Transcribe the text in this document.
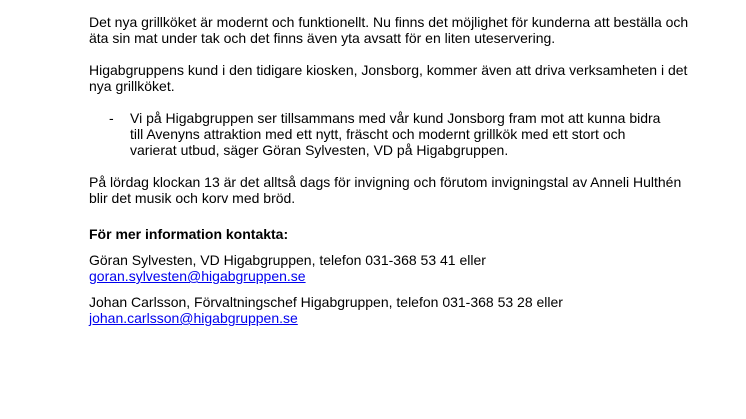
Det nya grillköket är modernt och funktionellt. Nu finns det möjlighet för kunderna att beställa och äta sin mat under tak och det finns även yta avsatt för en liten uteservering.

Higabgruppens kund i den tidigare kiosken, Jonsborg, kommer även att driva verksamheten i det nya grillköket.

-	Vi på Higabgruppen ser tillsammans med vår kund Jonsborg fram mot att kunna bidra till Avenyns attraktion med ett nytt, fräscht och modernt grillkök med ett stort och varierat utbud, säger Göran Sylvesten, VD på Higabgruppen.

På lördag klockan 13 är det alltså dags för invigning och förutom invigningstal av Anneli Hulthén blir det musik och korv med bröd.

För mer information kontakta:

Göran Sylvesten, VD Higabgruppen, telefon 031-368 53 41 eller
goran.sylvesten@higabgruppen.se
Johan Carlsson, Förvaltningschef Higabgruppen, telefon 031-368 53 28 eller
johan.carlsson@higabgruppen.se
